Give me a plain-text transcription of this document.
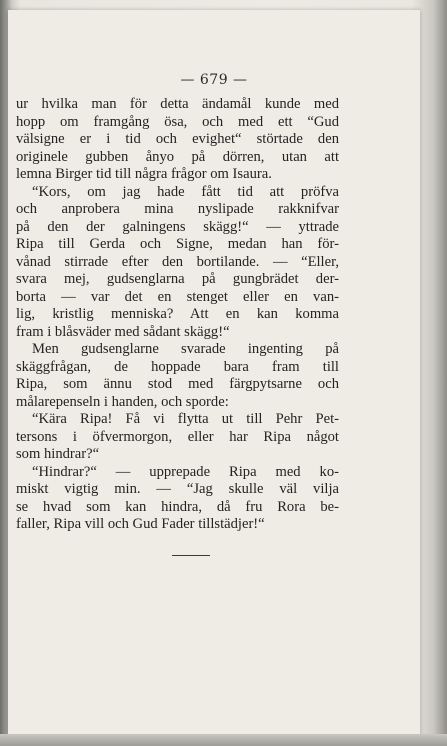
— 679 —
ur hvilka man för detta ändamål kunde med
hopp om framgång ösa, och med ett “Gud
välsigne er i tid och evighet“ störtade den
originele gubben ånyo på dörren, utan att
lemna Birger tid till några frågor om Isaura.
“Kors, om jag hade fått tid att pröfva
och anprobera mina nyslipade rakknifvar
på den der galningens skägg!“ — yttrade
Ripa till Gerda och Signe, medan han för-
vånad stirrade efter den bortilande. — “Eller,
svara mej, gudsenglarna på gungbrädet der-
borta — var det en stenget eller en van-
lig, kristlig menniska? Att en kan komma
fram i blåsväder med sådant skägg!“
Men gudsenglarne svarade ingenting på
skäggfrågan, de hoppade bara fram till
Ripa, som ännu stod med färgpytsarne och
målarepenseln i handen, och sporde:
“Kära Ripa! Få vi flytta ut till Pehr Pet-
tersons i öfvermorgon, eller har Ripa något
som hindrar?“
“Hindrar?“ — upprepade Ripa med ko-
miskt vigtig min. — “Jag skulle väl vilja
se hvad som kan hindra, då fru Rora be-
faller, Ripa vill och Gud Fader tillstädjer!“
